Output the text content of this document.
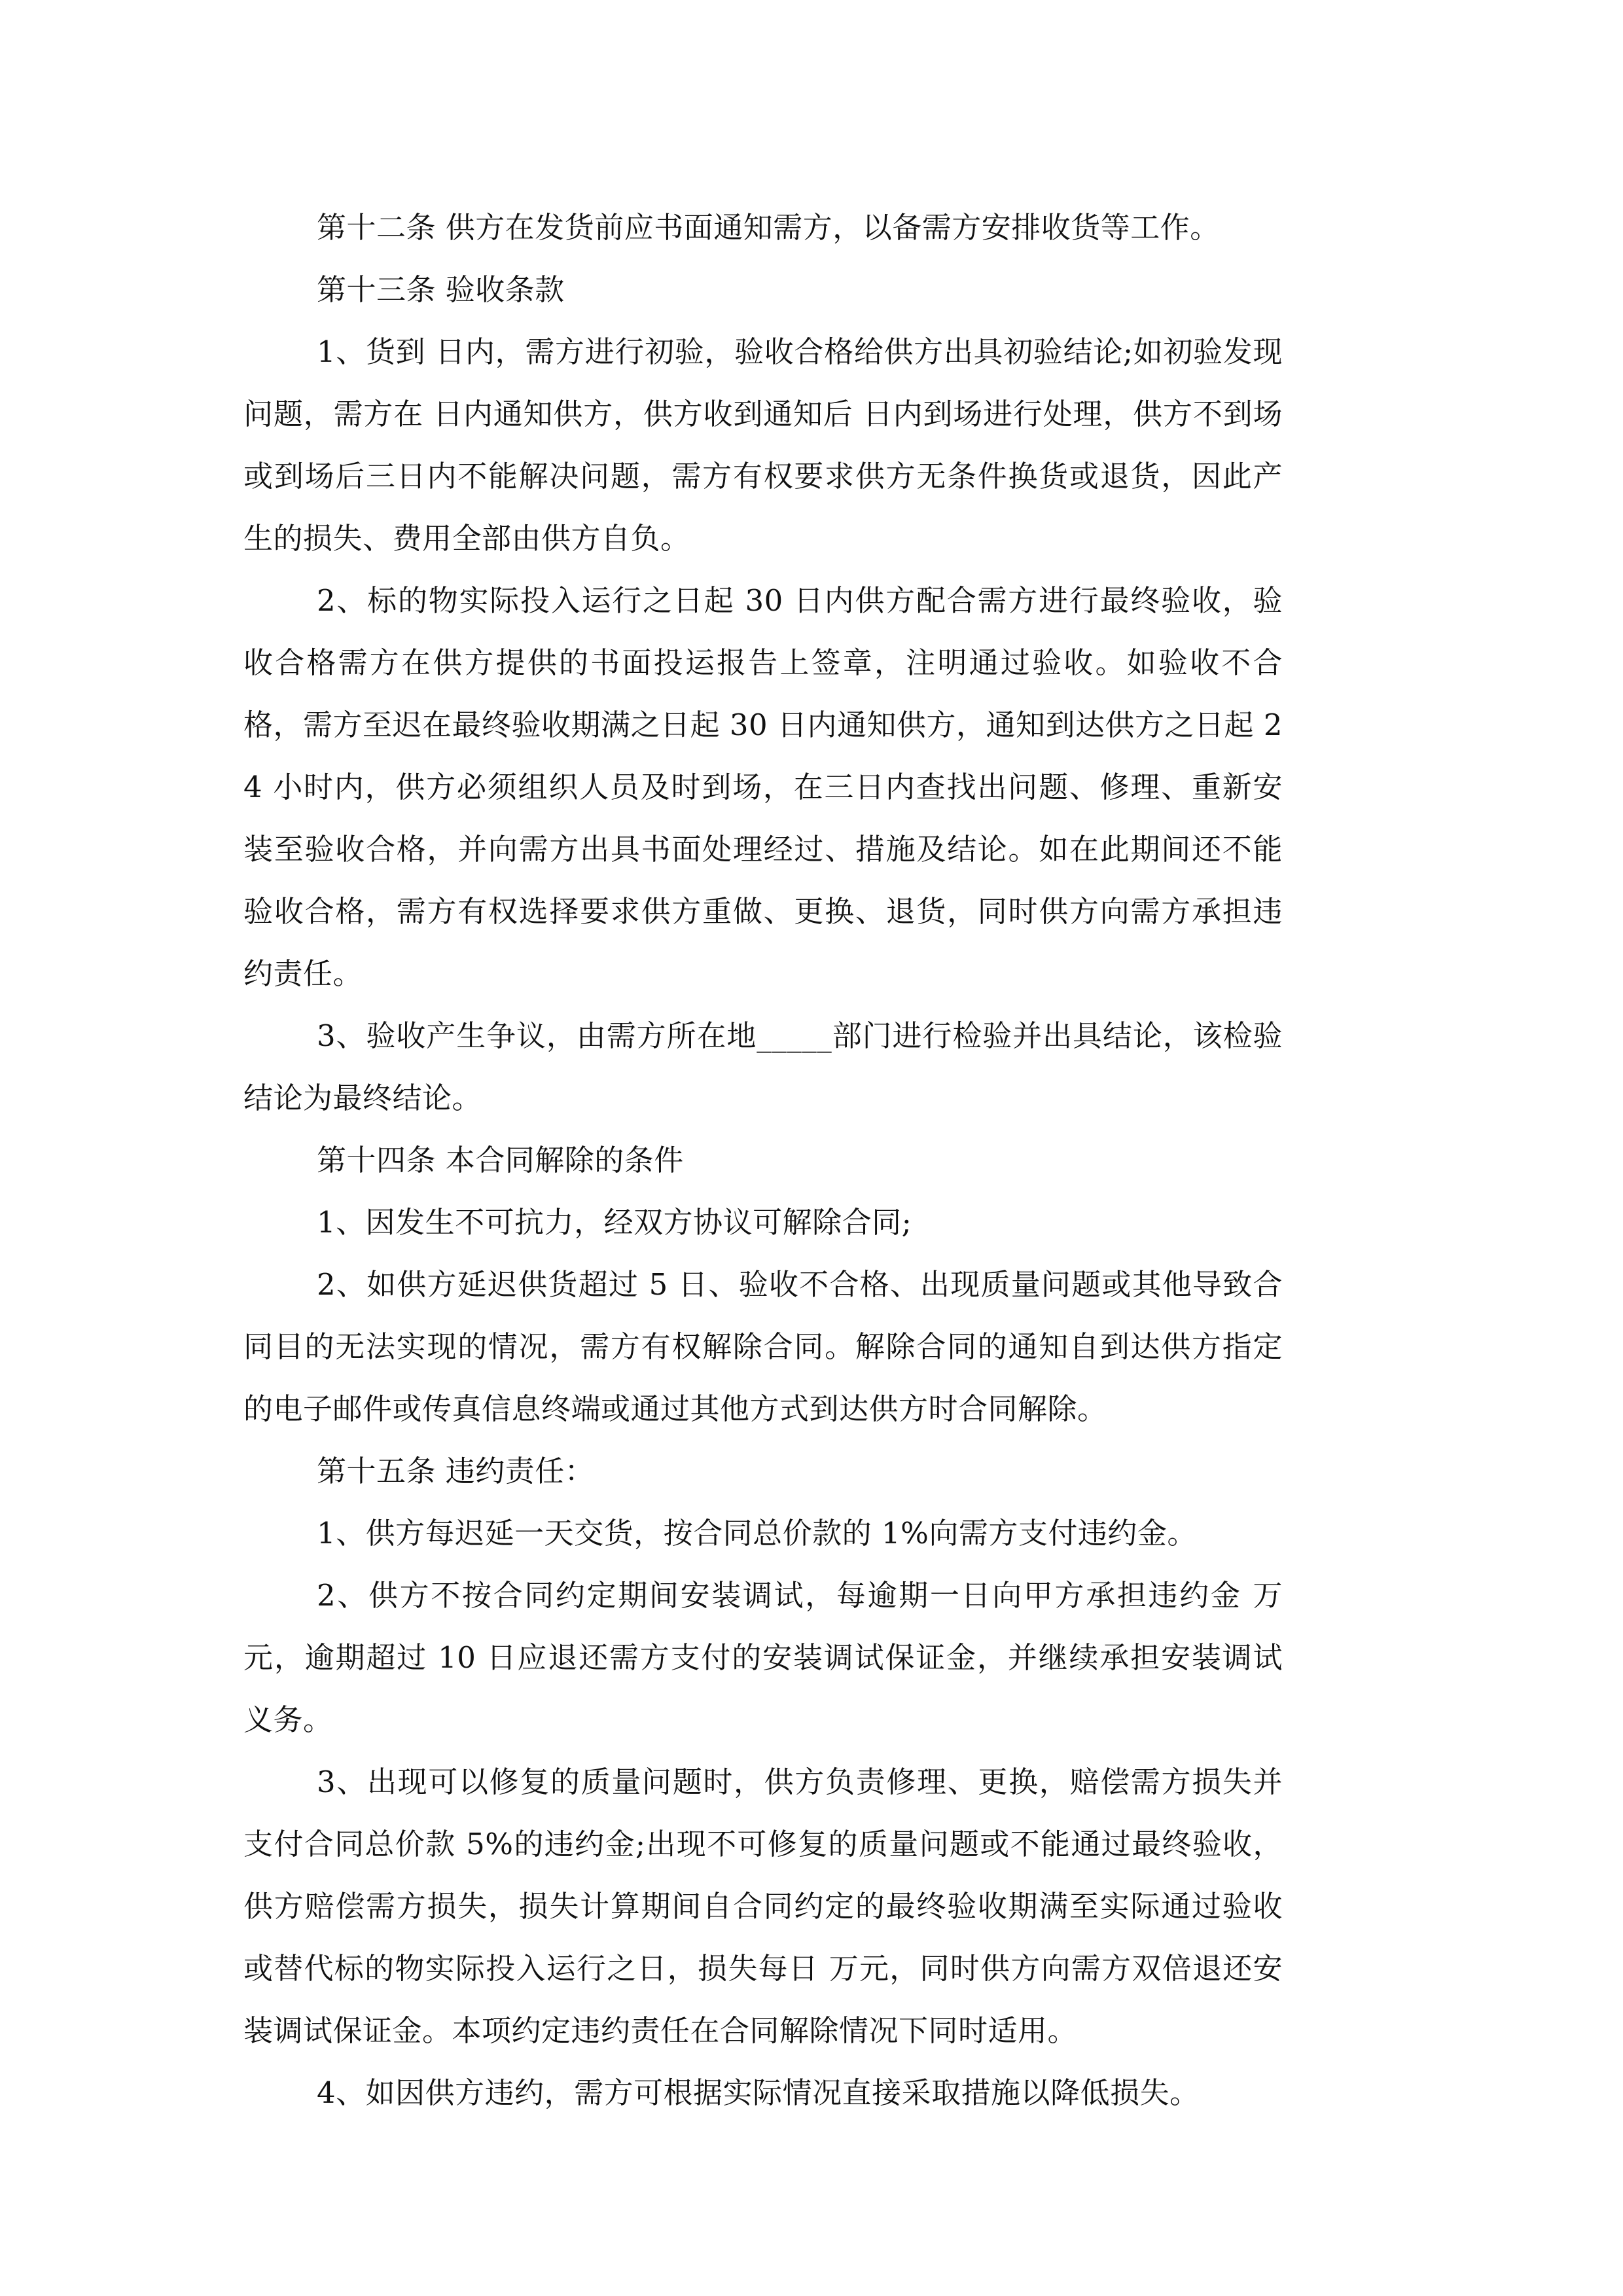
第十二条 供方在发货前应书面通知需方，以备需方安排收货等工作。

第十三条 验收条款

1、货到 日内，需方进行初验，验收合格给供方出具初验结论;如初验发现问题，需方在 日内通知供方，供方收到通知后 日内到场进行处理，供方不到场或到场后三日内不能解决问题，需方有权要求供方无条件换货或退货，因此产生的损失、费用全部由供方自负。

2、标的物实际投入运行之日起 30 日内供方配合需方进行最终验收，验收合格需方在供方提供的书面投运报告上签章，注明通过验收。如验收不合格，需方至迟在最终验收期满之日起 30 日内通知供方，通知到达供方之日起 24 小时内，供方必须组织人员及时到场，在三日内查找出问题、修理、重新安装至验收合格，并向需方出具书面处理经过、措施及结论。如在此期间还不能验收合格，需方有权选择要求供方重做、更换、退货，同时供方向需方承担违约责任。

3、验收产生争议，由需方所在地_____部门进行检验并出具结论，该检验结论为最终结论。

第十四条 本合同解除的条件

1、因发生不可抗力，经双方协议可解除合同;

2、如供方延迟供货超过 5 日、验收不合格、出现质量问题或其他导致合同目的无法实现的情况，需方有权解除合同。解除合同的通知自到达供方指定的电子邮件或传真信息终端或通过其他方式到达供方时合同解除。

第十五条 违约责任：

1、供方每迟延一天交货，按合同总价款的 1%向需方支付违约金。

2、供方不按合同约定期间安装调试，每逾期一日向甲方承担违约金 万元，逾期超过 10 日应退还需方支付的安装调试保证金，并继续承担安装调试义务。

3、出现可以修复的质量问题时，供方负责修理、更换，赔偿需方损失并支付合同总价款 5%的违约金;出现不可修复的质量问题或不能通过最终验收，供方赔偿需方损失，损失计算期间自合同约定的最终验收期满至实际通过验收或替代标的物实际投入运行之日，损失每日 万元，同时供方向需方双倍退还安装调试保证金。本项约定违约责任在合同解除情况下同时适用。

4、如因供方违约，需方可根据实际情况直接采取措施以降低损失。
